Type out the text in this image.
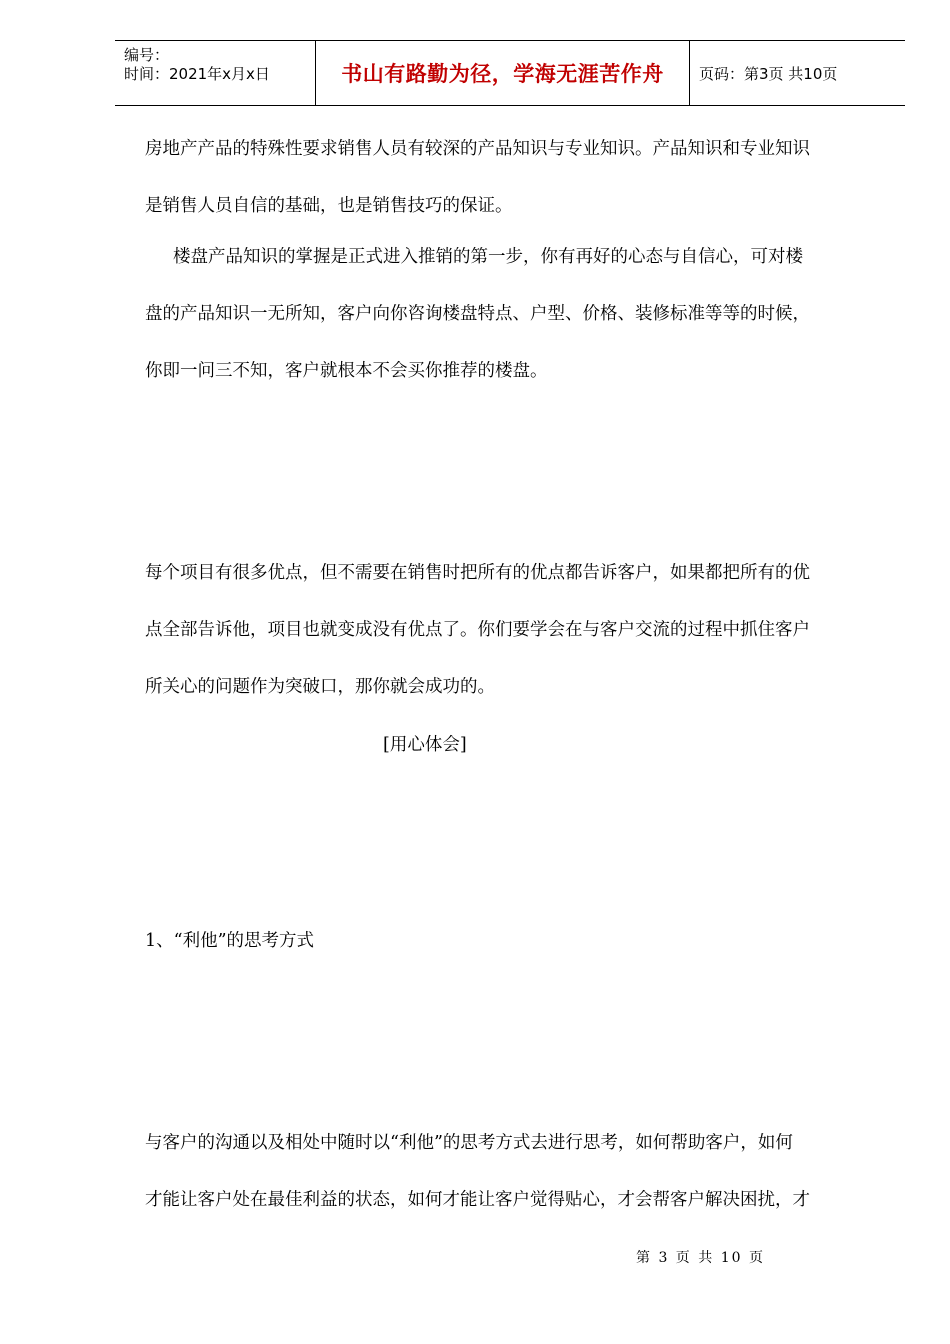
编号：
时间：2021年x月x日	书山有路勤为径，学海无涯苦作舟 页码：第3页 共10页

房地产产品的特殊性要求销售人员有较深的产品知识与专业知识。产品知识和专业知识
是销售人员自信的基础，也是销售技巧的保证。

楼盘产品知识的掌握是正式进入推销的第一步，你有再好的心态与自信心，可对楼
盘的产品知识一无所知，客户向你咨询楼盘特点、户型、价格、装修标准等等的时候，
你即一问三不知，客户就根本不会买你推荐的楼盘。

每个项目有很多优点，但不需要在销售时把所有的优点都告诉客户，如果都把所有的优
点全部告诉他，项目也就变成没有优点了。你们要学会在与客户交流的过程中抓住客户
所关心的问题作为突破口，那你就会成功的。

[用心体会]

1、“利他”的思考方式

与客户的沟通以及相处中随时以“利他”的思考方式去进行思考，如何帮助客户，如何
才能让客户处在最佳利益的状态，如何才能让客户觉得贴心，才会帮客户解决困扰，才

第 3 页 共 10 页
